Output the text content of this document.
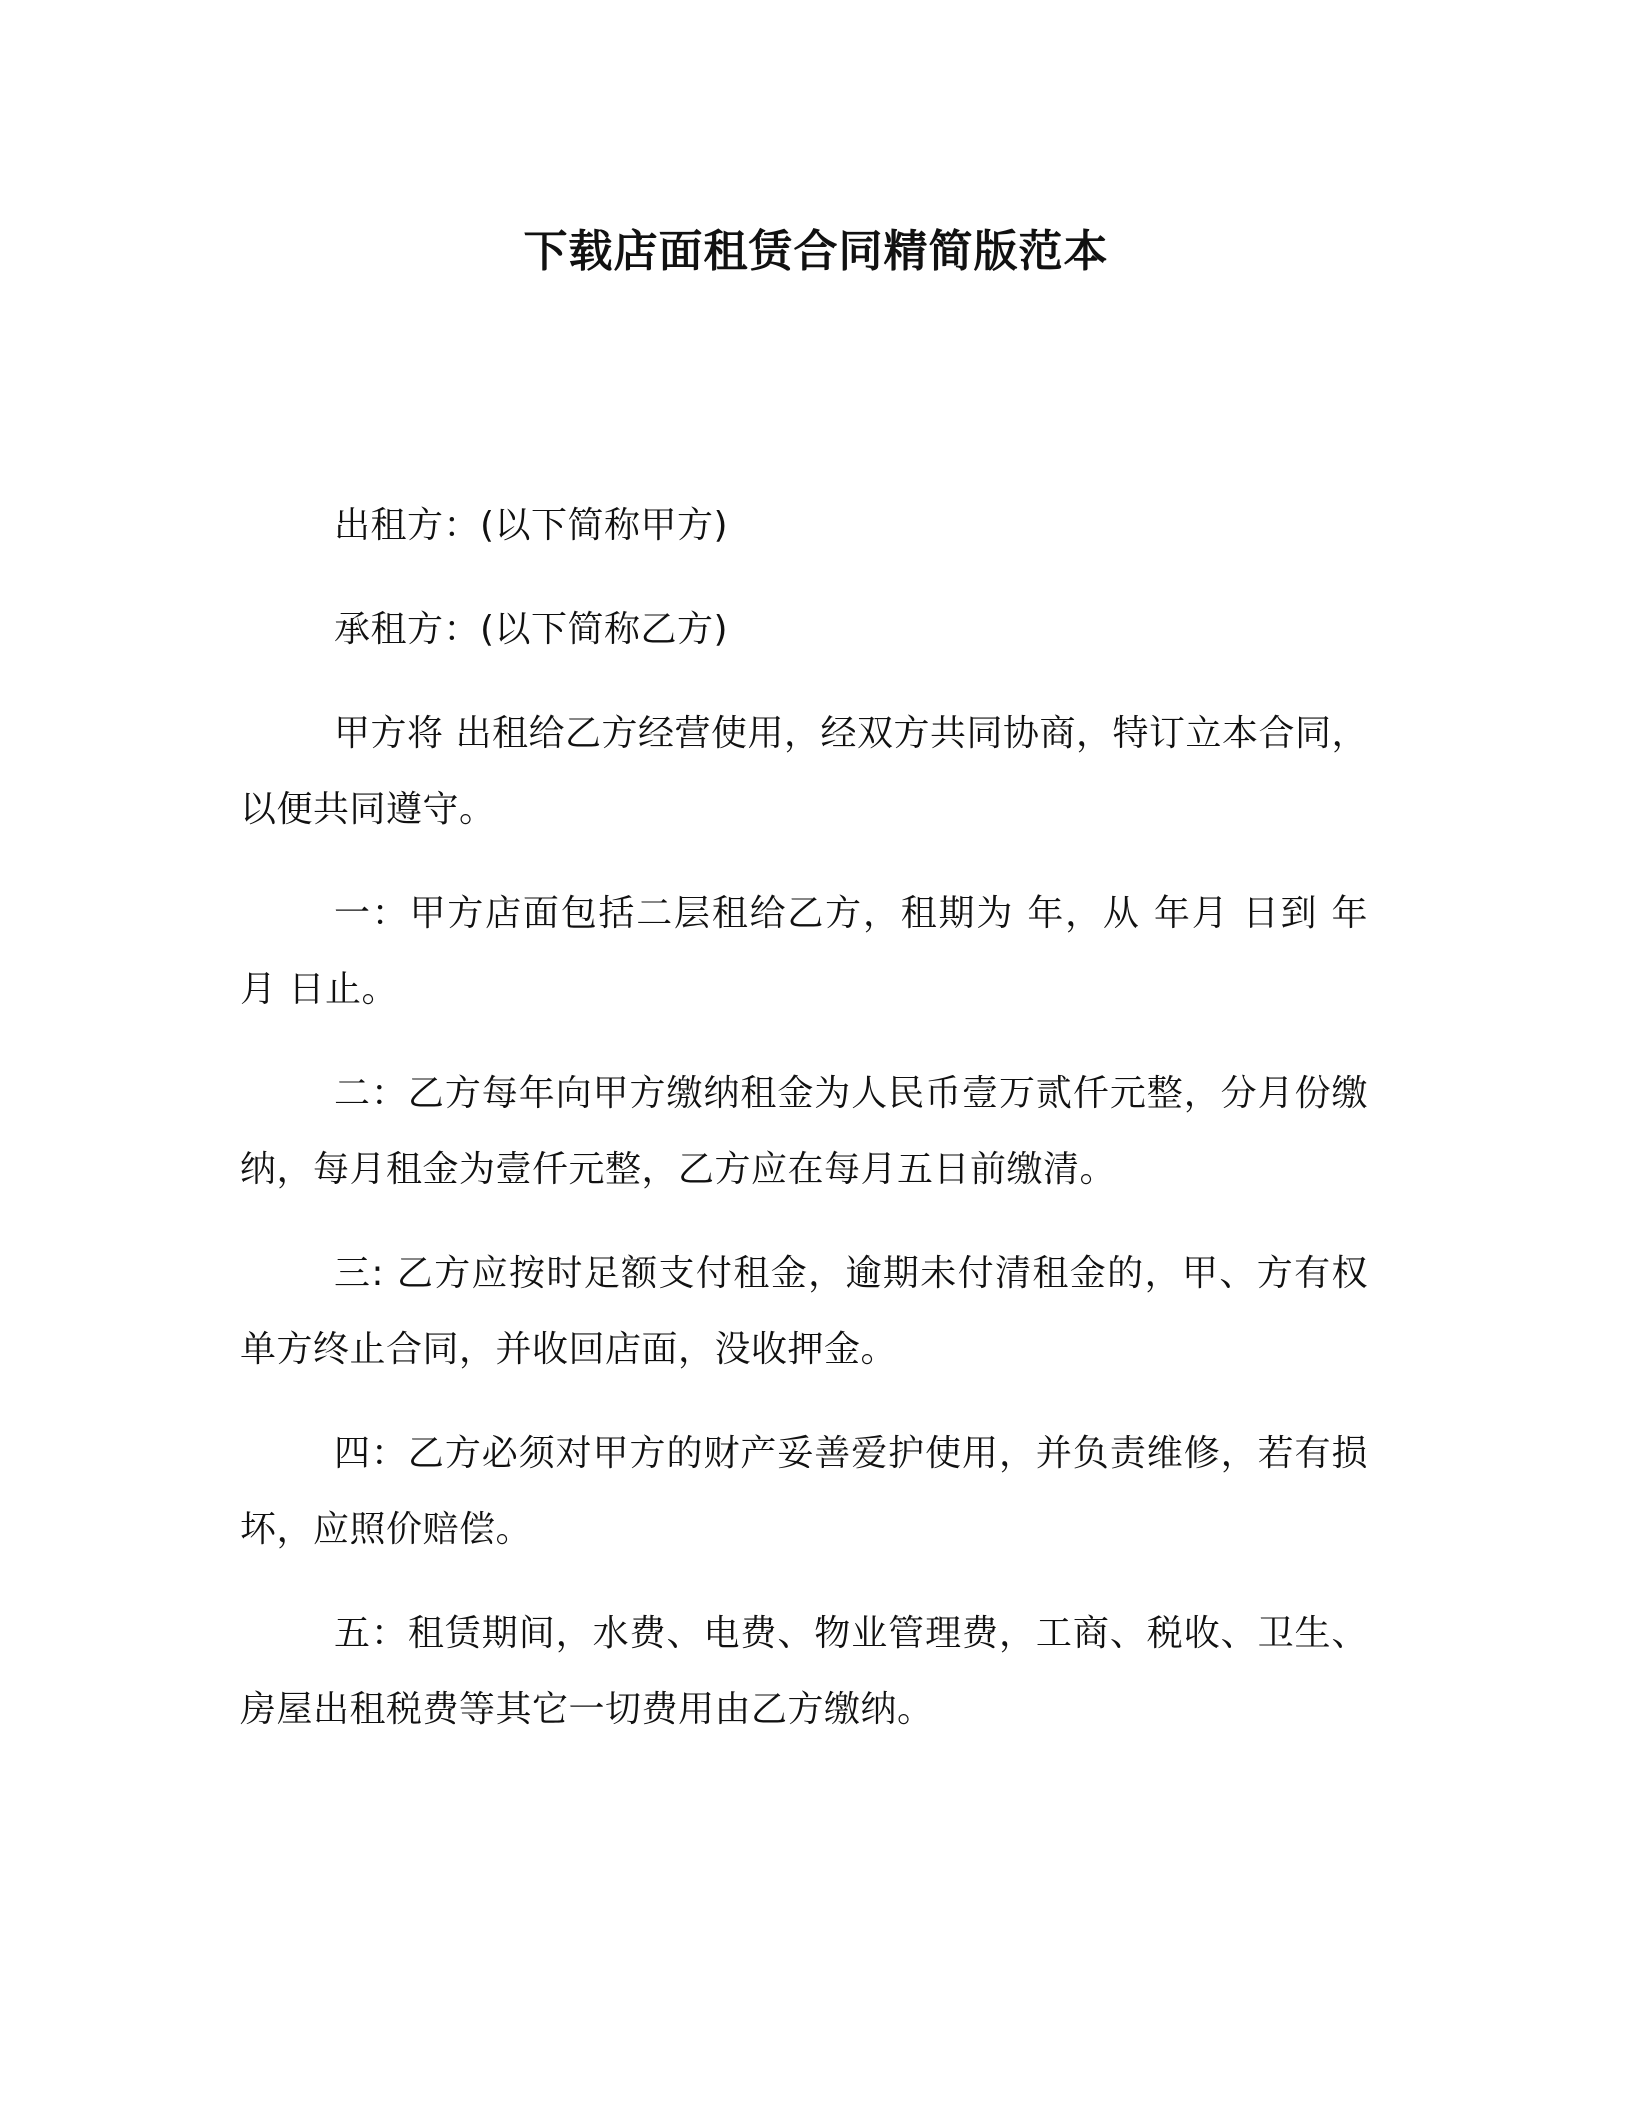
下载店面租赁合同精简版范本

出租方：(以下简称甲方)

承租方：(以下简称乙方)

甲方将 出租给乙方经营使用，经双方共同协商，特订立本合同，以便共同遵守。

一：甲方店面包括二层租给乙方，租期为 年，从 年月 日到 年 月 日止。

二：乙方每年向甲方缴纳租金为人民币壹万贰仟元整，分月份缴纳，每月租金为壹仟元整，乙方应在每月五日前缴清。

三: 乙方应按时足额支付租金，逾期未付清租金的，甲、方有权单方终止合同，并收回店面，没收押金。

四：乙方必须对甲方的财产妥善爱护使用，并负责维修，若有损坏，应照价赔偿。

五：租赁期间，水费、电费、物业管理费，工商、税收、卫生、房屋出租税费等其它一切费用由乙方缴纳。
